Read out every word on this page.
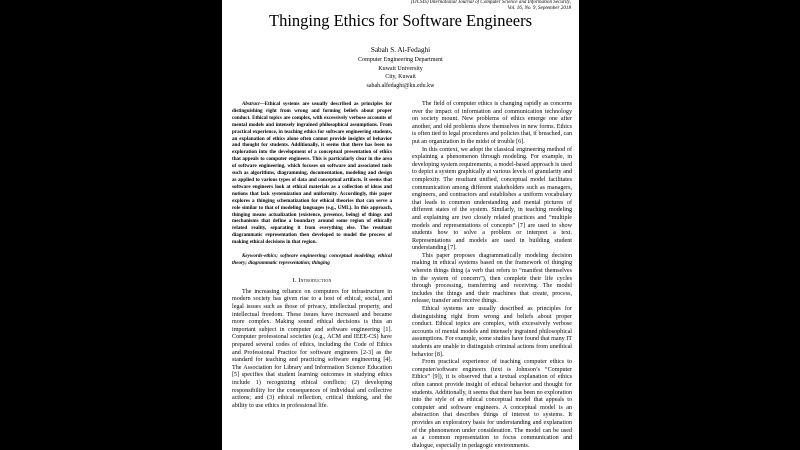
(IJCSIS) International Journal of Computer Science and Information Security,
Vol. 16, No. 9, September 2018
Thinging Ethics for Software Engineers
Sabah S. Al-Fedaghi
Computer Engineering Department
Kuwait University
City, Kuwait
sabah.alfedaghi@ku.edu.kw

Abstract—Ethical systems are usually described as principles for distinguishing right from wrong and forming beliefs about proper conduct. Ethical topics are complex, with excessively verbose accounts of mental models and intensely ingrained philosophical assumptions. From practical experience, in teaching ethics for software engineering students, an explanation of ethics alone often cannot provide insights of behavior and thought for students. Additionally, it seems that there has been no exploration into the development of a conceptual presentation of ethics that appeals to computer engineers. This is particularly clear in the area of software engineering, which focuses on software and associated tools such as algorithms, diagramming, documentation, modeling and design as applied to various types of data and conceptual artifacts. It seems that software engineers look at ethical materials as a collection of ideas and notions that lack systemization and uniformity. Accordingly, this paper explores a thinging schematization for ethical theories that can serve a role similar to that of modeling languages (e.g., UML). In this approach, thinging means actualization (existence, presence, being) of things and mechanisms that define a boundary around some region of ethically related reality, separating it from everything else. The resultant diagrammatic representation then developed to model the process of making ethical decisions in that region.

Keywords-ethics; software engineering; conceptual modeling; ethical theory; diagrammatic representation; thinging

I. Introduction

The increasing reliance on computers for infrastructure in modern society has given rise to a host of ethical, social, and legal issues such as those of privacy, intellectual property, and intellectual freedom. These issues have increased and became more complex. Making sound ethical decisions is thus an important subject in computer and software engineering [1]. Computer professional societies (e.g., ACM and IEEE-CS) have prepared several codes of ethics, including the Code of Ethics and Professional Practice for software engineers [2-3] as the standard for teaching and practicing software engineering [4]. The Association for Library and Information Science Education [5] specifies that student learning outcomes in studying ethics include 1) recognizing ethical conflicts; (2) developing responsibility for the consequences of individual and collective actions; and (3) ethical reflection, critical thinking, and the ability to use ethics in professional life.

The field of computer ethics is changing rapidly as concerns over the impact of information and communication technology on society mount. New problems of ethics emerge one after another, and old problems show themselves in new forms. Ethics is often tied to legal procedures and policies that, if breached, can put an organization in the midst of trouble [6].

In this context, we adopt the classical engineering method of explaining a phenomenon through modeling. For example, in developing system requirements, a model-based approach is used to depict a system graphically at various levels of granularity and complexity. The resultant unified, conceptual model facilitates communication among different stakeholders such as managers, engineers, and contractors and establishes a uniform vocabulary that leads to common understanding and mental pictures of different states of the system. Similarly, in teaching modeling and explaining are two closely related practices and “multiple models and representations of concepts” [7] are used to show students how to solve a problem or interpret a text. Representations and models are used in building student understanding [7].

This paper proposes diagrammatically modeling decision making in ethical systems based on the framework of thinging wherein things thing (a verb that refers to “manifest themselves in the system of concern”), then complete their life cycles through processing, transferring and receiving. The model includes the things and their machines that create, process, release, transfer and receive things.

Ethical systems are usually described as principles for distinguishing right from wrong and beliefs about proper conduct. Ethical topics are complex, with excessively verbose accounts of mental models and intensely ingrained philosophical assumptions. For example, some studies have found that many IT students are unable to distinguish criminal actions from unethical behavior [8].

From practical experience of teaching computer ethics to computer/software engineers (text is Johnson’s “Computer Ethics” [9]), it is observed that a textual explanation of ethics often cannot provide insight of ethical behavior and thought for students. Additionally, it seems that there has been no exploration into the style of an ethical conceptual model that appeals to computer and software engineers. A conceptual model is an abstraction that describes things of interest to systems. It provides an exploratory basis for understanding and explanation of the phenomenon under consideration. The model can be used as a common representation to focus communication and dialogue, especially in pedagogic environments.
